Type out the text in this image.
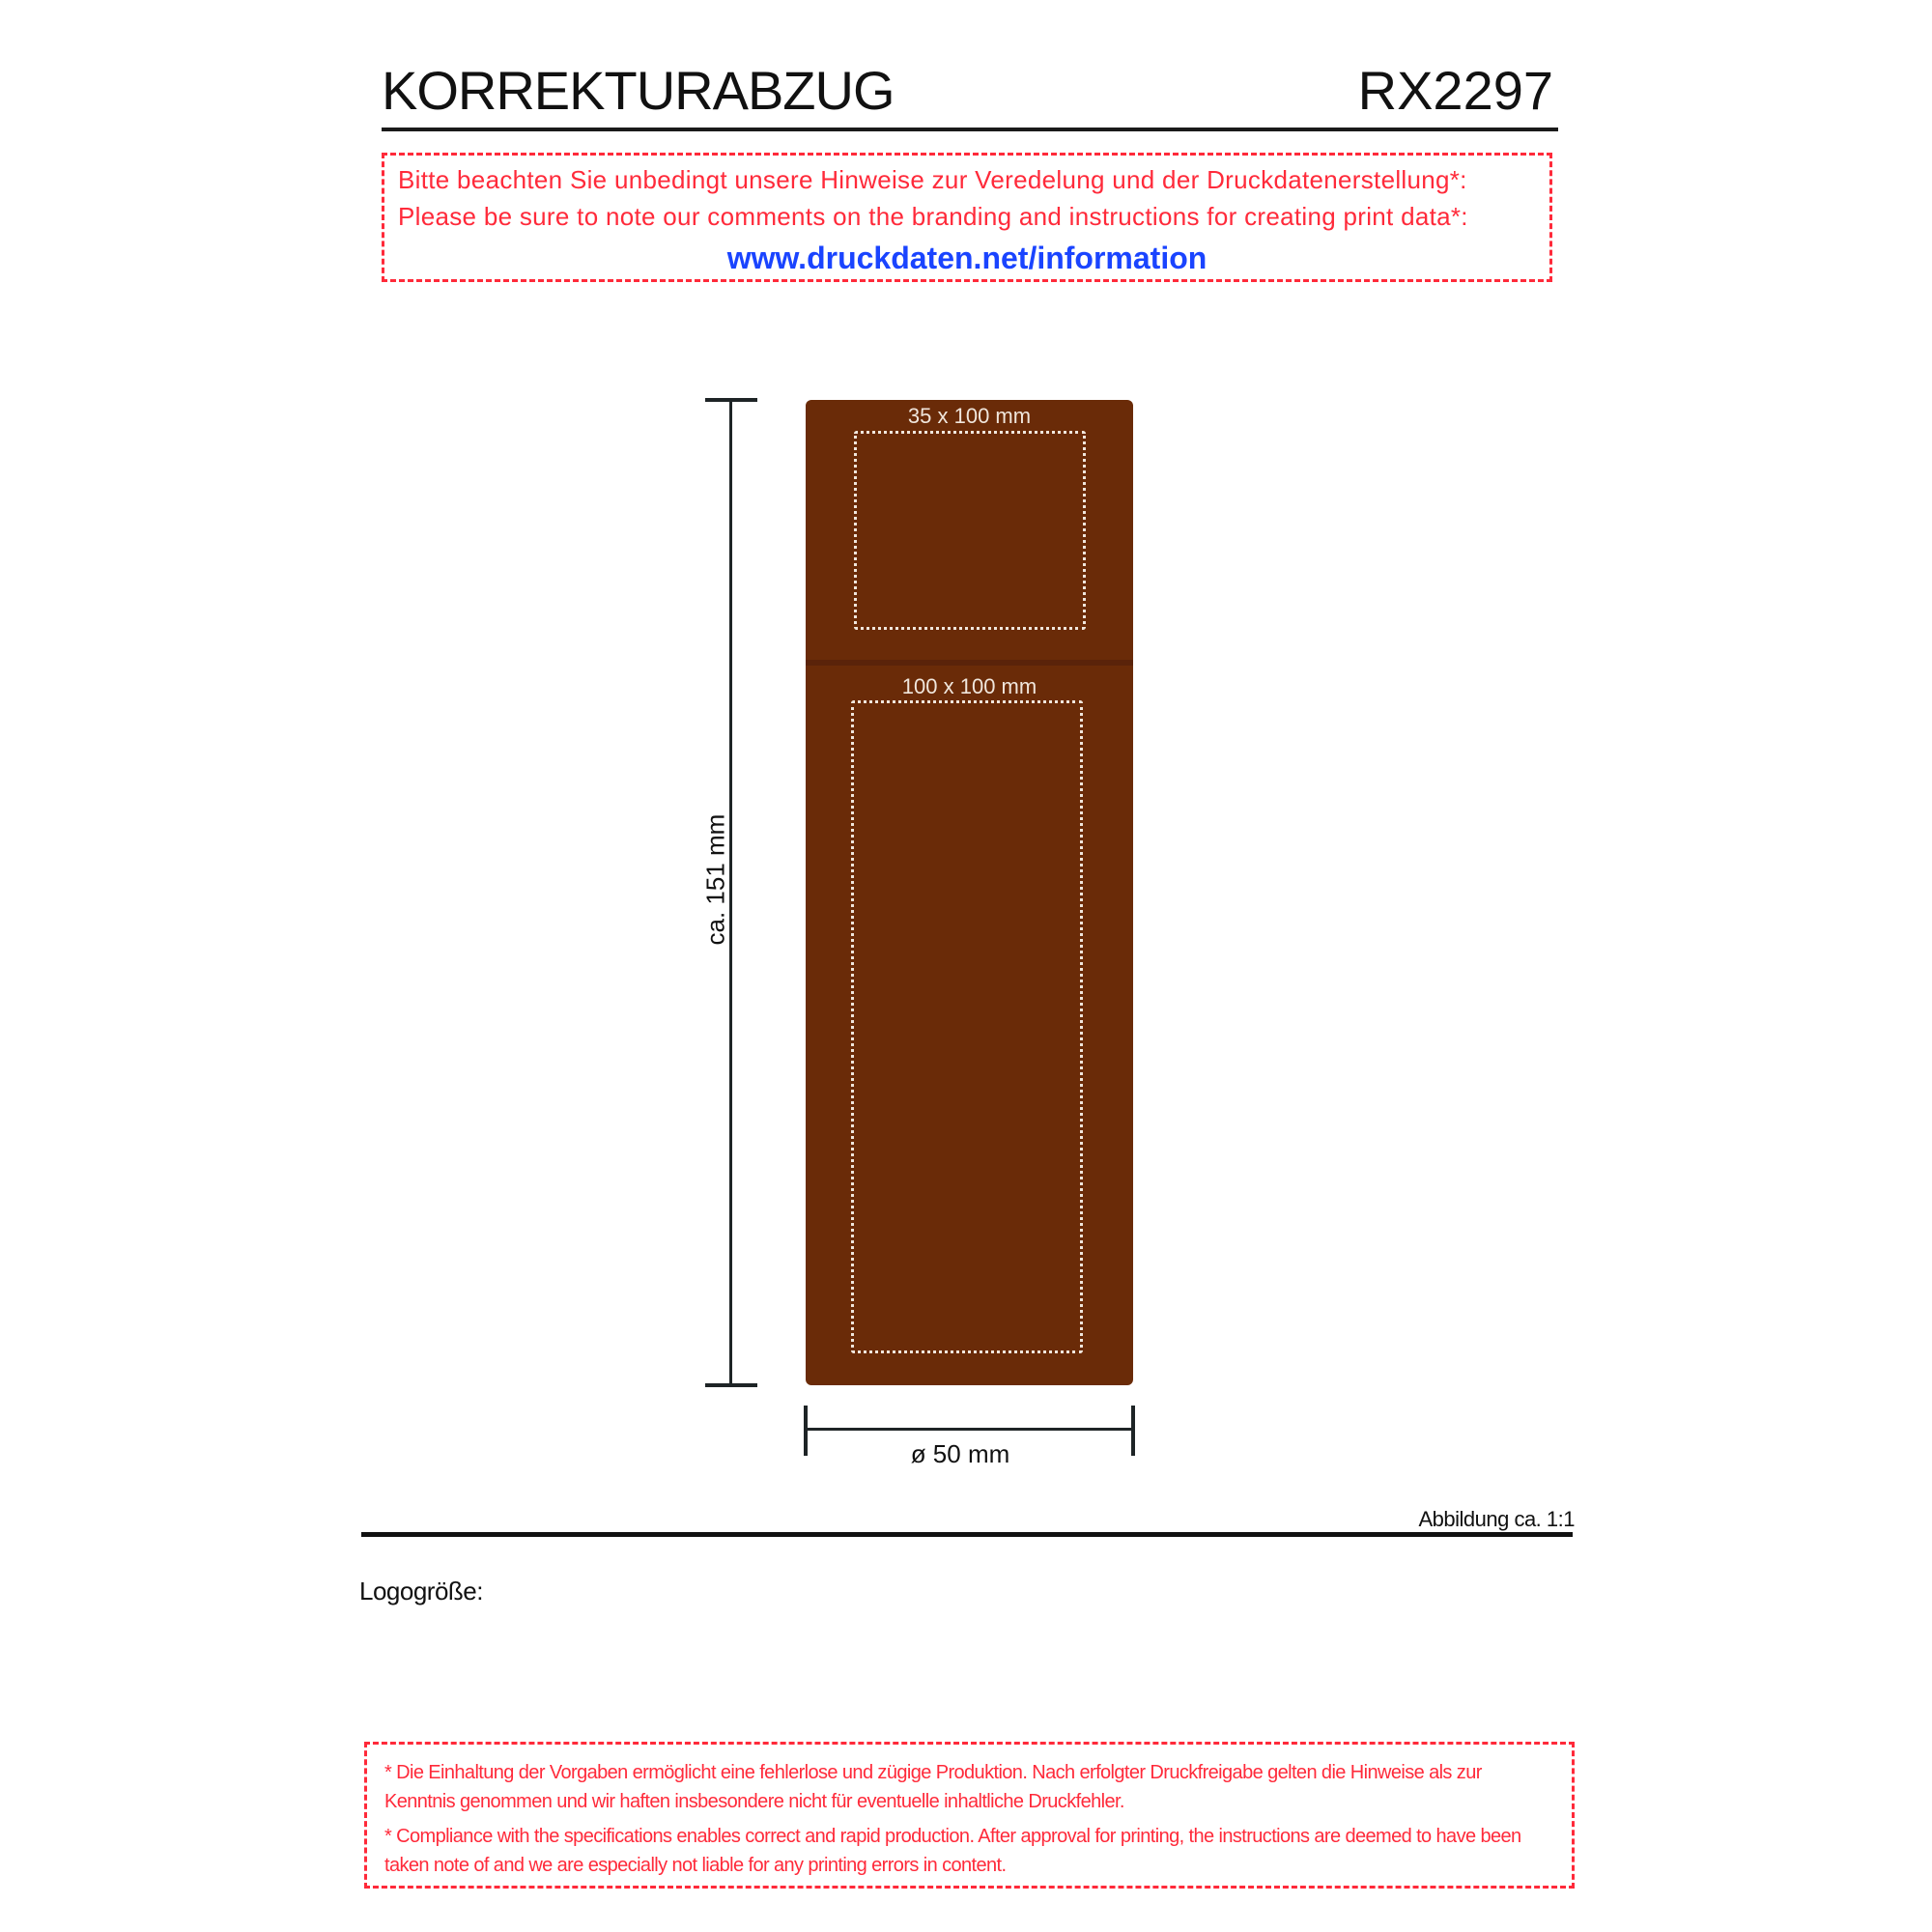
KORREKTURABZUG	RX2297
Bitte beachten Sie unbedingt unsere Hinweise zur Veredelung und der Druckdatenerstellung*:
Please be sure to note our comments on the branding and instructions for creating print data*:
www.druckdaten.net/information
ca. 151 mm
35 x 100 mm
100 x 100 mm
ø 50 mm
Abbildung ca. 1:1
Logogröße:

* Die Einhaltung der Vorgaben ermöglicht eine fehlerlose und zügige Produktion. Nach erfolgter Druckfreigabe gelten die Hinweise als zur Kenntnis genommen und wir haften insbesondere nicht für eventuelle inhaltliche Druckfehler.

* Compliance with the specifications enables correct and rapid production. After approval for printing, the instructions are deemed to have been taken note of and we are especially not liable for any printing errors in content.
